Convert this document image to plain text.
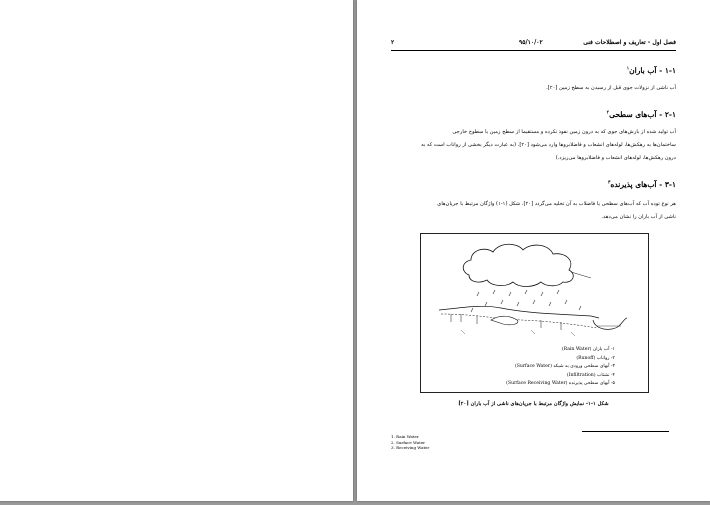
۲	۹۵/۱۰/۰۲	فصل اول - تعاریف و اصطلاحات فنی
۱-۱ - آب باران$^۱$
آب ناشی از نزولات جوی قبل از رسیدن به سطح زمین [۲۰].
۲-۱ - آب‌های سطحی$^۲$
آب تولید شده از بارش‌های جوی که به درون زمین نفوذ نکرده و مستقیما از سطح زمین یا سطوح خارجی
ساختمان‌ها به رهکش‌ها، لوله‌های انشعاب و فاضلابروها وارد می‌شود [۲۰]. (به عبارت دیگر بخشی از رواناب است که به
درون رهکش‌ها، لوله‌های انشعاب و فاضلابروها می‌ریزد.)
۳-۱ - آب‌های پذیرنده$^۳$
هر نوع توده آب که آب‌های سطحی یا فاضلاب به آن تخلیه می‌گردد [۲۰]. شکل (۱-۱) واژگان مرتبط با جریان‌های
ناشی از آب باران را نشان می‌دهد.
۱- آب باران (Rain Water)
۲- رواناب (Runoff)
۳- آبهای سطحی ورودی به شبکه (Surface Water)
۴- نشتاب (Infiltration)
۵- آبهای سطحی پذیرنده (Surface Receiving Water)
شکل ۱-۱- نمایش واژگان مرتبط با جریان‌های ناشی از آب باران [۲۰]
1. Rain Water
2. Surface Water
3. Receiving Water
